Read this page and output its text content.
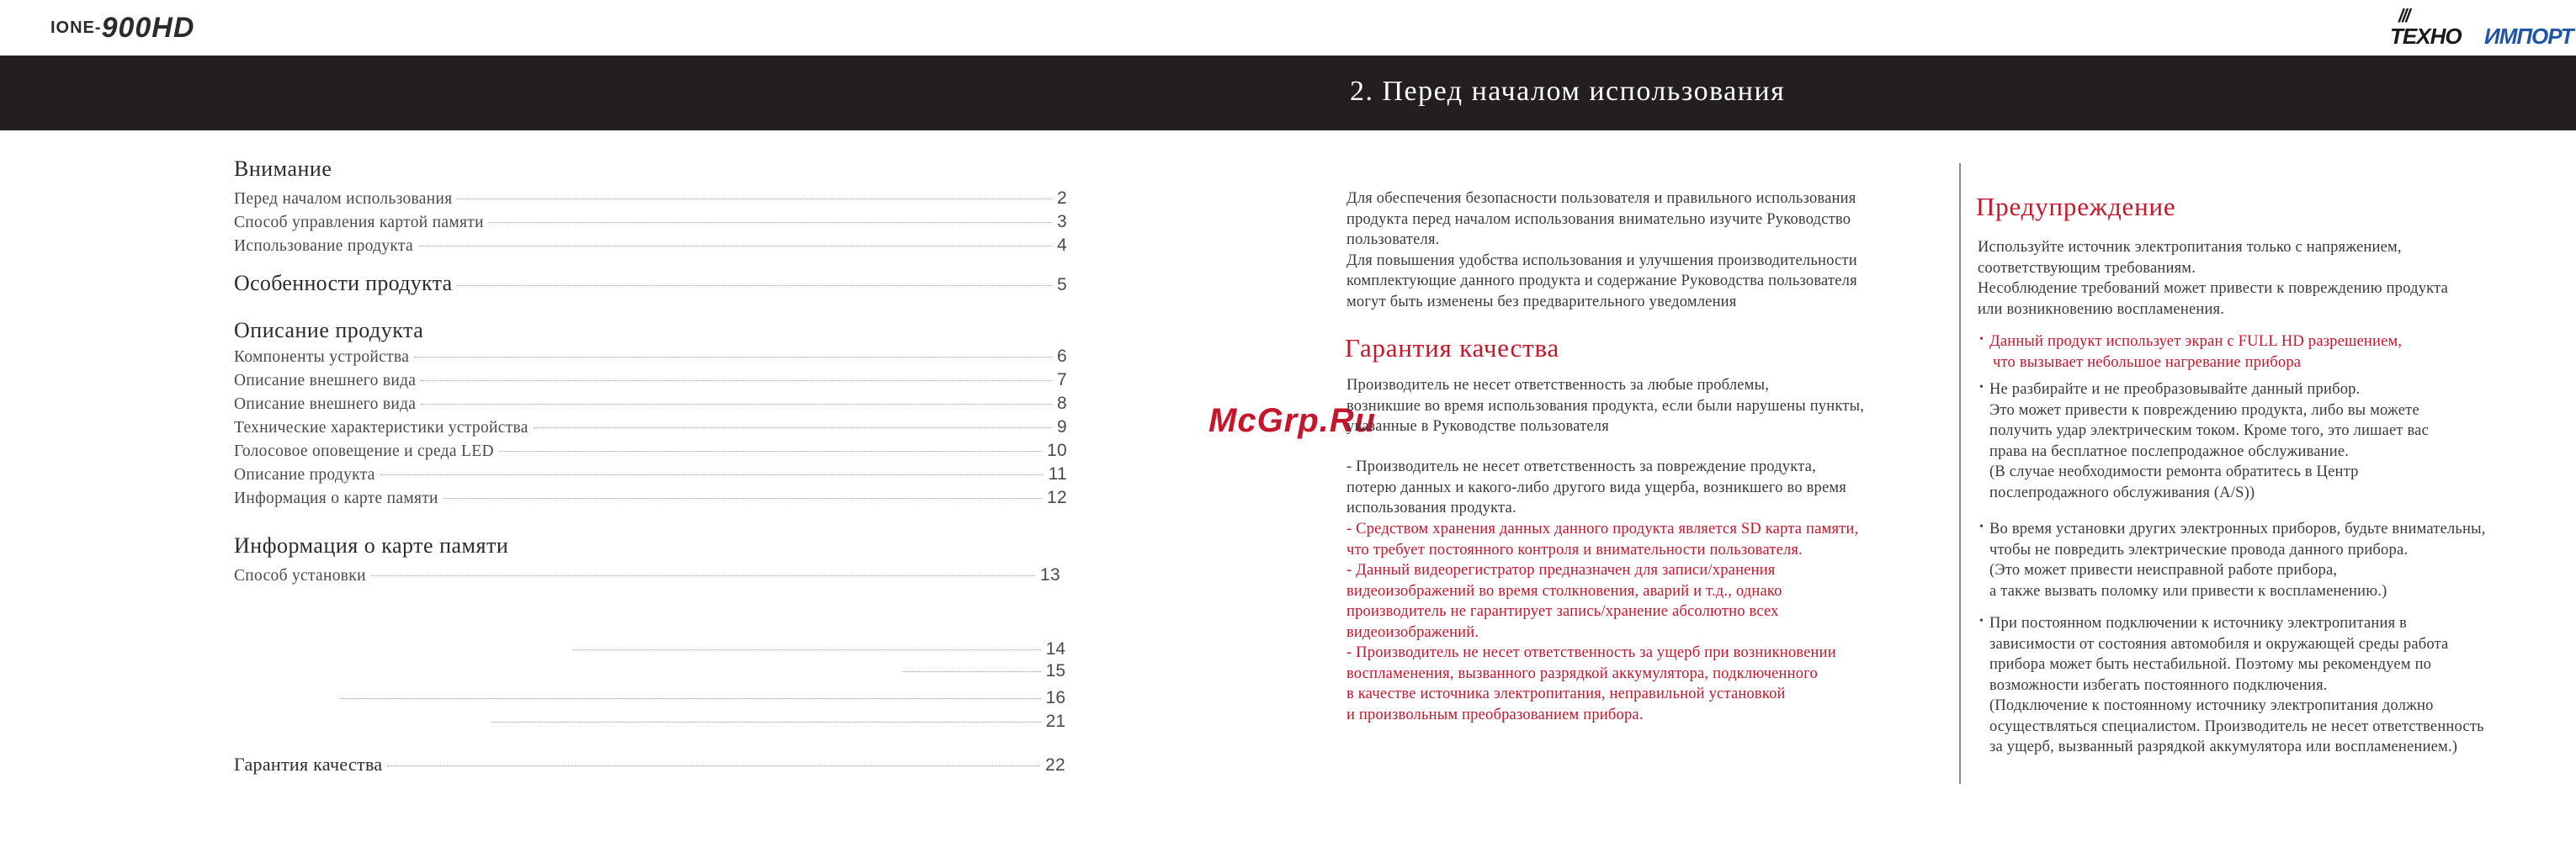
IONE-900HD	///
ТЕХНО ИМПОРТ
2. Перед началом использования
Внимание
Перед началом использования	2
Способ управления картой памяти	3
Использование продукта	4
Особенности продукта	5
Описание продукта
Компоненты устройства	6
Описание внешнего вида	7
Описание внешнего вида	8
Технические характеристики устройства	9
Голосовое оповещение и среда LED	10
Описание продукта	11
Информация о карте памяти	12
Информация о карте памяти
Способ установки	13
14
15
16
21
Гарантия качества	22
McGrp.Ru

Для обеспечения безопасности пользователя и правильного использования

продукта перед началом использования внимательно изучите Руководство

пользователя.

Для повышения удобства использования и улучшения производительности

комплектующие данного продукта и содержание Руководства пользователя

могут быть изменены без предварительного уведомления

Гарантия качества

Производитель не несет ответственность за любые проблемы,

возникшие во время использования продукта, если были нарушены пункты,

указанные в Руководстве пользователя

- Производитель не несет ответственность за повреждение продукта,

потерю данных и какого-либо другого вида ущерба, возникшего во время

использования продукта.

- Средством хранения данных данного продукта является SD карта памяти,

что требует постоянного контроля и внимательности пользователя.

- Данный видеорегистратор предназначен для записи/хранения

видеоизображений во время столкновения, аварий и т.д., однако

производитель не гарантирует запись/хранение абсолютно всех

видеоизображений.

- Производитель не несет ответственность за ущерб при возникновении

воспламенения, вызванного разрядкой аккумулятора, подключенного

в качестве источника электропитания, неправильной установкой

и произвольным преобразованием прибора.

Предупреждение

Используйте источник электропитания только с напряжением,

соответствующим требованиям.

Несоблюдение требований может привести к повреждению продукта

или возникновению воспламенения.

• Данный продукт использует экран с FULL HD разрешением,

что вызывает небольшое нагревание прибора

• Не разбирайте и не преобразовывайте данный прибор.

Это может привести к повреждению продукта, либо вы можете

получить удар электрическим током. Кроме того, это лишает вас

права на бесплатное послепродажное обслуживание.

(В случае необходимости ремонта обратитесь в Центр

послепродажного обслуживания (A/S))

• Во время установки других электронных приборов, будьте внимательны,

чтобы не повредить электрические провода данного прибора.

(Это может привести неисправной работе прибора,

а также вызвать поломку или привести к воспламенению.)

• При постоянном подключении к источнику электропитания в

зависимости от состояния автомобиля и окружающей среды работа

прибора может быть нестабильной. Поэтому мы рекомендуем по

возможности избегать постоянного подключения.

(Подключение к постоянному источнику электропитания должно

осуществляться специалистом. Производитель не несет ответственность

за ущерб, вызванный разрядкой аккумулятора или воспламенением.)
